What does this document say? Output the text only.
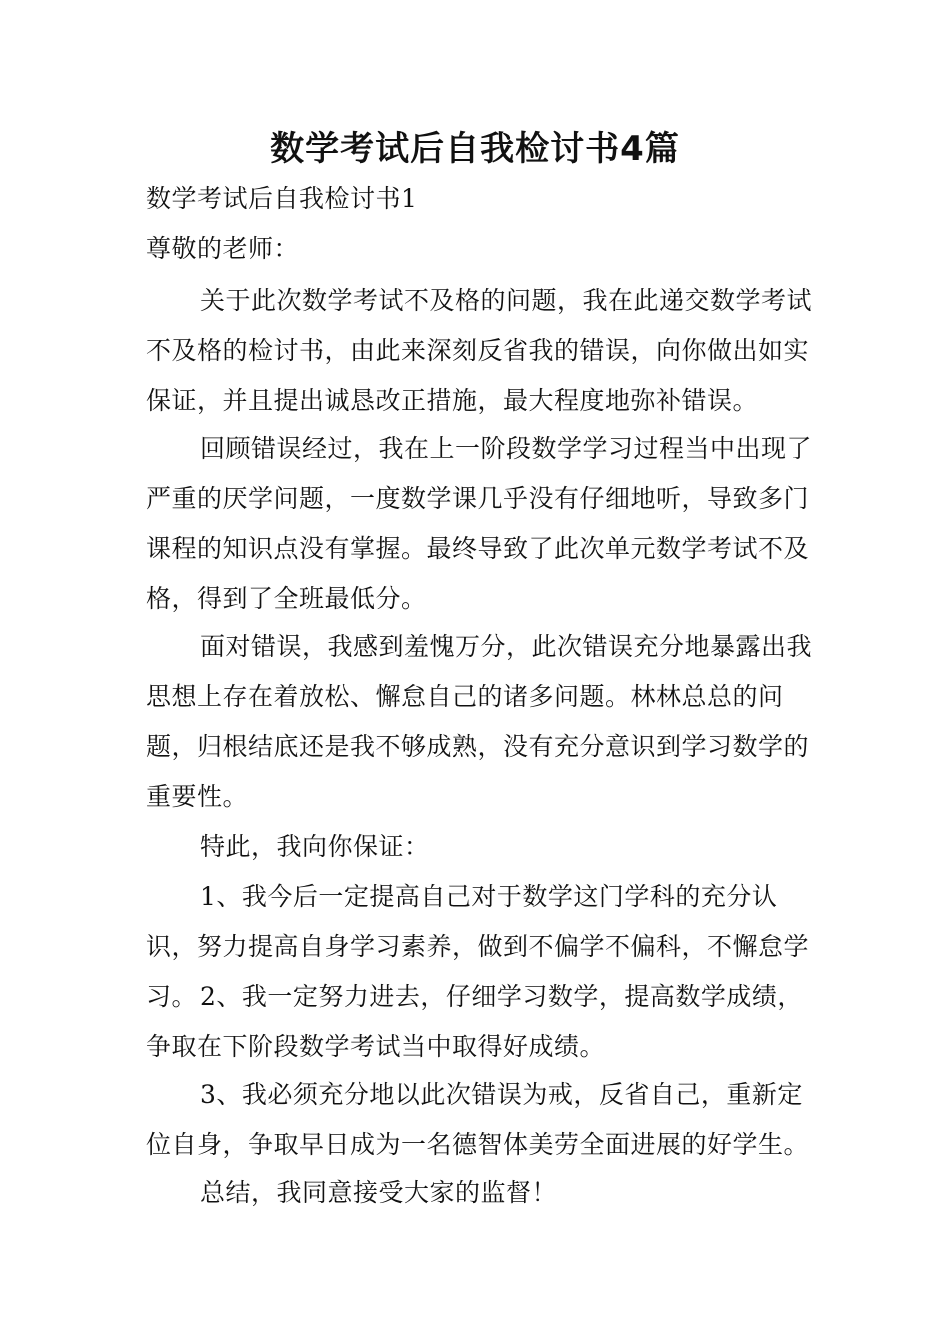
数学考试后自我检讨书4篇

数学考试后自我检讨书1

尊敬的老师：

关于此次数学考试不及格的问题，我在此递交数学考试不及格的检讨书，由此来深刻反省我的错误，向你做出如实保证，并且提出诚恳改正措施，最大程度地弥补错误。

回顾错误经过，我在上一阶段数学学习过程当中出现了严重的厌学问题，一度数学课几乎没有仔细地听，导致多门课程的知识点没有掌握。最终导致了此次单元数学考试不及格，得到了全班最低分。

面对错误，我感到羞愧万分，此次错误充分地暴露出我思想上存在着放松、懈怠自己的诸多问题。林林总总的问题，归根结底还是我不够成熟，没有充分意识到学习数学的重要性。

特此，我向你保证：

1、我今后一定提高自己对于数学这门学科的充分认识，努力提高自身学习素养，做到不偏学不偏科，不懈怠学习。 2、我一定努力进去，仔细学习数学，提高数学成绩，争取在下阶段数学考试当中取得好成绩。

3、我必须充分地以此次错误为戒，反省自己，重新定位自身，争取早日成为一名德智体美劳全面进展的好学生。

总结，我同意接受大家的监督！
